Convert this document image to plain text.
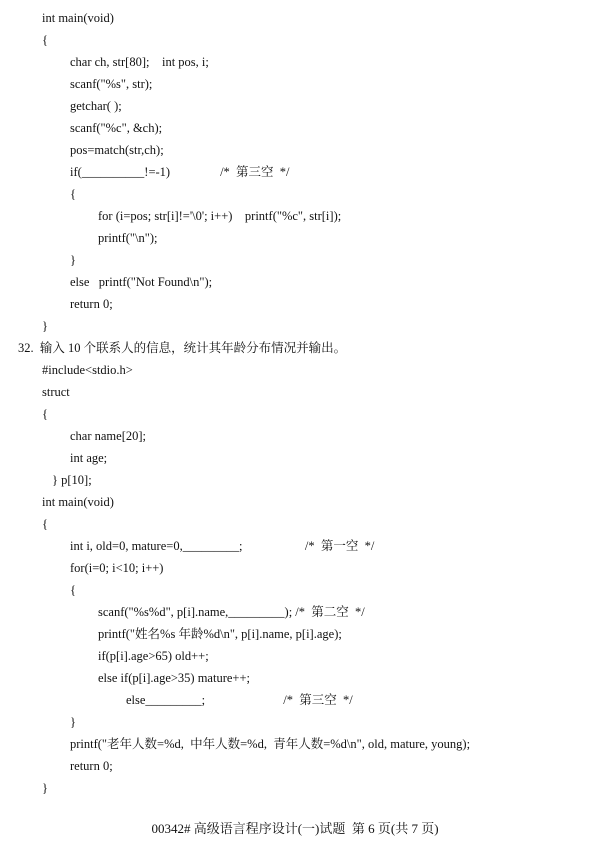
int main(void)
{
char ch, str[80];    int pos, i;
scanf("%s", str);
getchar( );
scanf("%c", &ch);
pos=match(str,ch);
if(__________!=-1)                /*  第三空  */
{
for (i=pos; str[i]!='\0'; i++)    printf("%c", str[i]);
printf("\n");
}
else   printf("Not Found\n");
return 0;
}
32.  输入 10 个联系人的信息，统计其年龄分布情况并输出。
#include<stdio.h>
struct
{
char name[20];
int age;
} p[10];
int main(void)
{
int i, old=0, mature=0,_________;                    /*  第一空  */
for(i=0; i<10; i++)
{
scanf("%s%d", p[i].name,_________); /*  第二空  */
printf("姓名%s 年龄%d\n", p[i].name, p[i].age);
if(p[i].age>65) old++;
else if(p[i].age>35) mature++;
else_________;                         /*  第三空  */
}
printf("老年人数=%d,  中年人数=%d,  青年人数=%d\n", old, mature, young);
return 0;
}
00342# 高级语言程序设计(一)试题  第 6 页(共 7 页)
